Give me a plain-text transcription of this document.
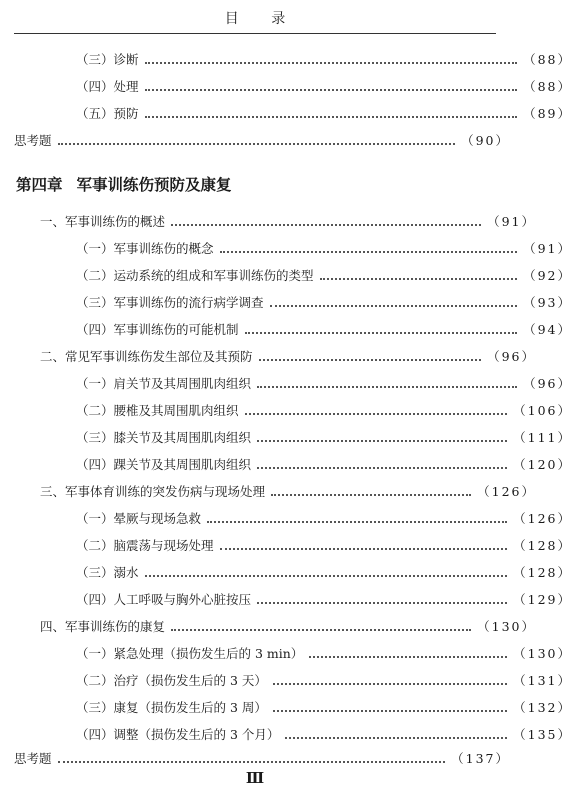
目 录
（三）诊断	（88）
（四）处理	（88）
（五）预防	（89）
思考题	（90）
第四章 军事训练伤预防及康复
一、军事训练伤的概述	（91）
（一）军事训练伤的概念	（91）
（二）运动系统的组成和军事训练伤的类型	（92）
（三）军事训练伤的流行病学调查	（93）
（四）军事训练伤的可能机制	（94）
二、常见军事训练伤发生部位及其预防	（96）
（一）肩关节及其周围肌肉组织	（96）
（二）腰椎及其周围肌肉组织	（106）
（三）膝关节及其周围肌肉组织	（111）
（四）踝关节及其周围肌肉组织	（120）
三、军事体育训练的突发伤病与现场处理	（126）
（一）晕厥与现场急救	（126）
（二）脑震荡与现场处理	（128）
（三）溺水	（128）
（四）人工呼吸与胸外心脏按压	（129）
四、军事训练伤的康复	（130）
（一）紧急处理（损伤发生后的 3 min）	（130）
（二）治疗（损伤发生后的 3 天）	（131）
（三）康复（损伤发生后的 3 周）	（132）
（四）调整（损伤发生后的 3 个月）	（135）
思考题	（137）
Ⅲ
